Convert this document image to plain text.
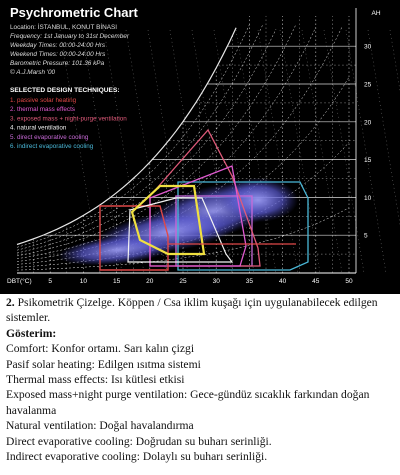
Psychrometric Chart
Location: İSTANBUL, KONUT BİNASI
Frequency: 1st January to 31st December
Weekday Times: 00:00-24:00 Hrs
Weekend Times: 00:00-24:00 Hrs
Barometric Pressure: 101.36 kPa
© A.J.Marsh '00
SELECTED DESIGN TECHNIQUES:
1. passive solar heating
2. thermal mass effects
3. exposed mass + night-purge ventilation
4. natural ventilation
5. direct evaporative cooling
6. indirect evaporative cooling
DBT(°C)	5	10	15	20	25	30	35	40	45	50
AH
5
10
15
20
25
30

2. Psikometrik Çizelge. Köppen / Csa iklim kuşağı için uygulanabilecek edilgen sistemler.

Gösterim:

Comfort: Konfor ortamı. Sarı kalın çizgi

Pasif solar heating: Edilgen ısıtma sistemi

Thermal mass effects: Isı kütlesi etkisi

Exposed mass+night purge ventilation: Gece-gündüz sıcaklık farkından doğan havalanma

Natural ventilation: Doğal havalandırma

Direct evaporative cooling: Doğrudan su buharı serinliği.

Indirect evaporative cooling: Dolaylı su buharı serinliği.
